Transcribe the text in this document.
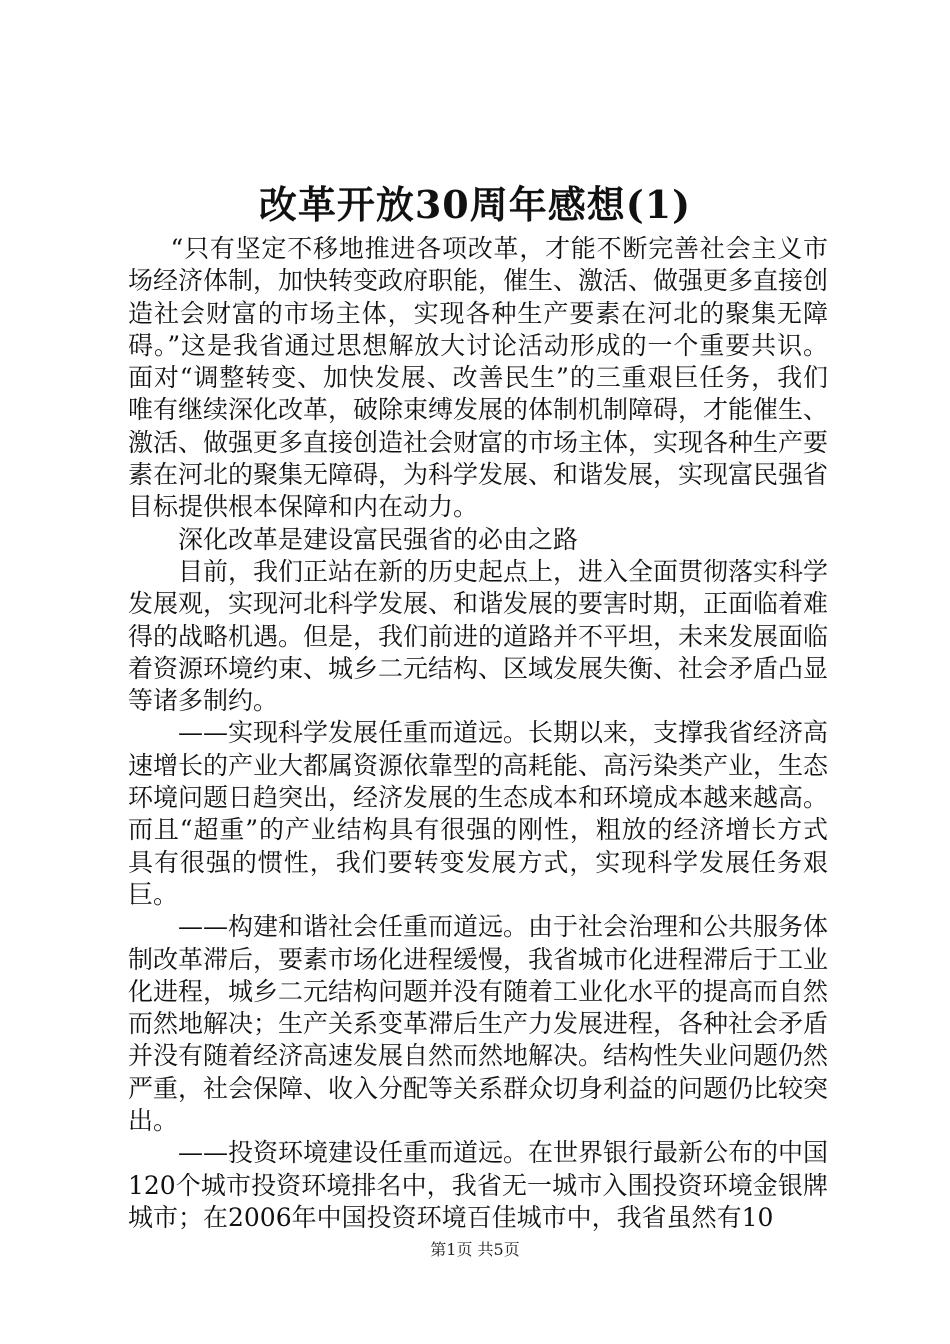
改革开放30周年感想(1)

“只有坚定不移地推进各项改革，才能不断完善社会主义市场经济体制，加快转变政府职能，催生、激活、做强更多直接创造社会财富的市场主体，实现各种生产要素在河北的聚集无障碍。”这是我省通过思想解放大讨论活动形成的一个重要共识。面对“调整转变、加快发展、改善民生”的三重艰巨任务，我们唯有继续深化改革，破除束缚发展的体制机制障碍，才能催生、激活、做强更多直接创造社会财富的市场主体，实现各种生产要素在河北的聚集无障碍，为科学发展、和谐发展，实现富民强省目标提供根本保障和内在动力。

深化改革是建设富民强省的必由之路

目前，我们正站在新的历史起点上，进入全面贯彻落实科学发展观，实现河北科学发展、和谐发展的要害时期，正面临着难得的战略机遇。但是，我们前进的道路并不平坦，未来发展面临着资源环境约束、城乡二元结构、区域发展失衡、社会矛盾凸显等诸多制约。

——实现科学发展任重而道远。长期以来，支撑我省经济高速增长的产业大都属资源依靠型的高耗能、高污染类产业，生态环境问题日趋突出，经济发展的生态成本和环境成本越来越高。而且“超重”的产业结构具有很强的刚性，粗放的经济增长方式具有很强的惯性，我们要转变发展方式，实现科学发展任务艰巨。

——构建和谐社会任重而道远。由于社会治理和公共服务体制改革滞后，要素市场化进程缓慢，我省城市化进程滞后于工业化进程，城乡二元结构问题并没有随着工业化水平的提高而自然而然地解决；生产关系变革滞后生产力发展进程，各种社会矛盾并没有随着经济高速发展自然而然地解决。结构性失业问题仍然严重，社会保障、收入分配等关系群众切身利益的问题仍比较突出。

——投资环境建设任重而道远。在世界银行最新公布的中国120个城市投资环境排名中，我省无一城市入围投资环境金银牌城市；在2006年中国投资环境百佳城市中，我省虽然有10

第1页 共5页
